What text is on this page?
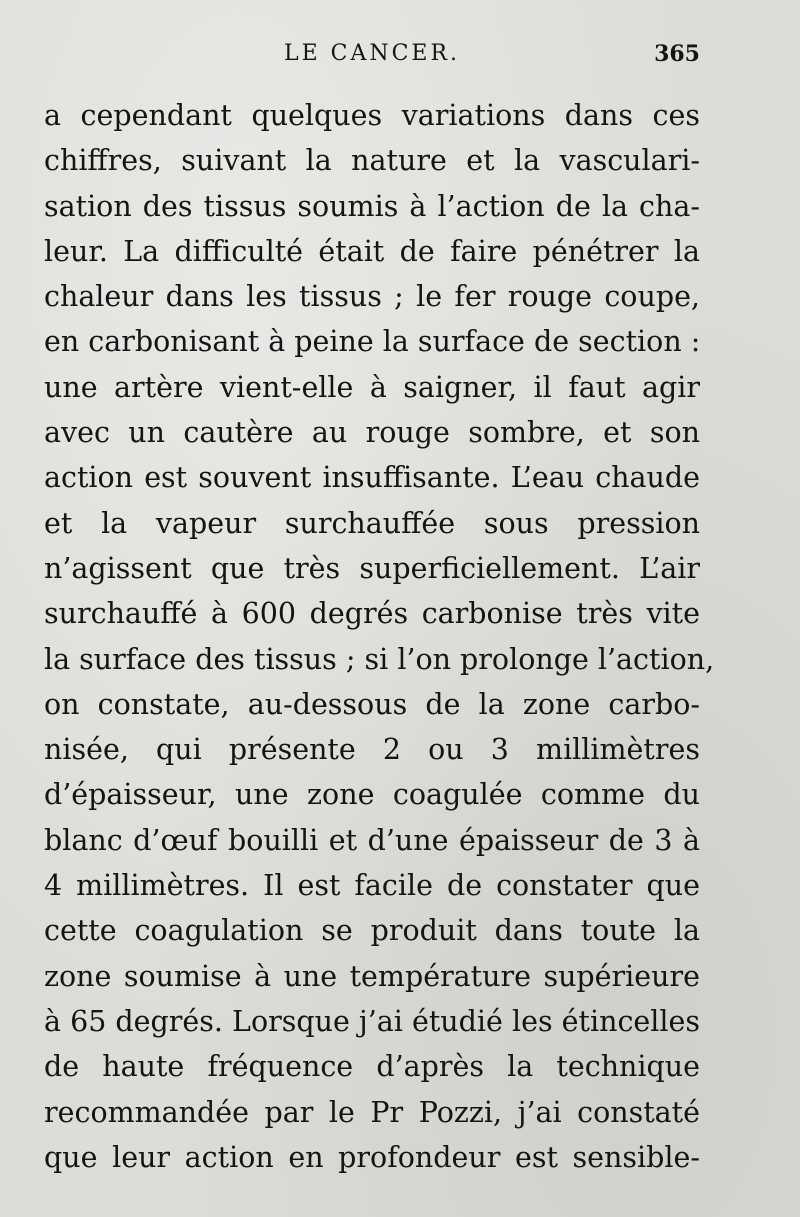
LE CANCER.	365
a cependant quelques variations dans ces
chiffres, suivant la nature et la vasculari-
sation des tissus soumis à l’action de la cha-
leur. La difficulté était de faire pénétrer la
chaleur dans les tissus ; le fer rouge coupe,
en carbonisant à peine la surface de section :
une artère vient-elle à saigner, il faut agir
avec un cautère au rouge sombre, et son
action est souvent insuffisante. L’eau chaude
et la vapeur surchauffée sous pression
n’agissent que très superficiellement. L’air
surchauffé à 600 degrés carbonise très vite
la surface des tissus ; si l’on prolonge l’action,
on constate, au-dessous de la zone carbo-
nisée, qui présente 2 ou 3 millimètres
d’épaisseur, une zone coagulée comme du
blanc d’œuf bouilli et d’une épaisseur de 3 à
4 millimètres. Il est facile de constater que
cette coagulation se produit dans toute la
zone soumise à une température supérieure
à 65 degrés. Lorsque j’ai étudié les étincelles
de haute fréquence d’après la technique
recommandée par le Pr Pozzi, j’ai constaté
que leur action en profondeur est sensible-
